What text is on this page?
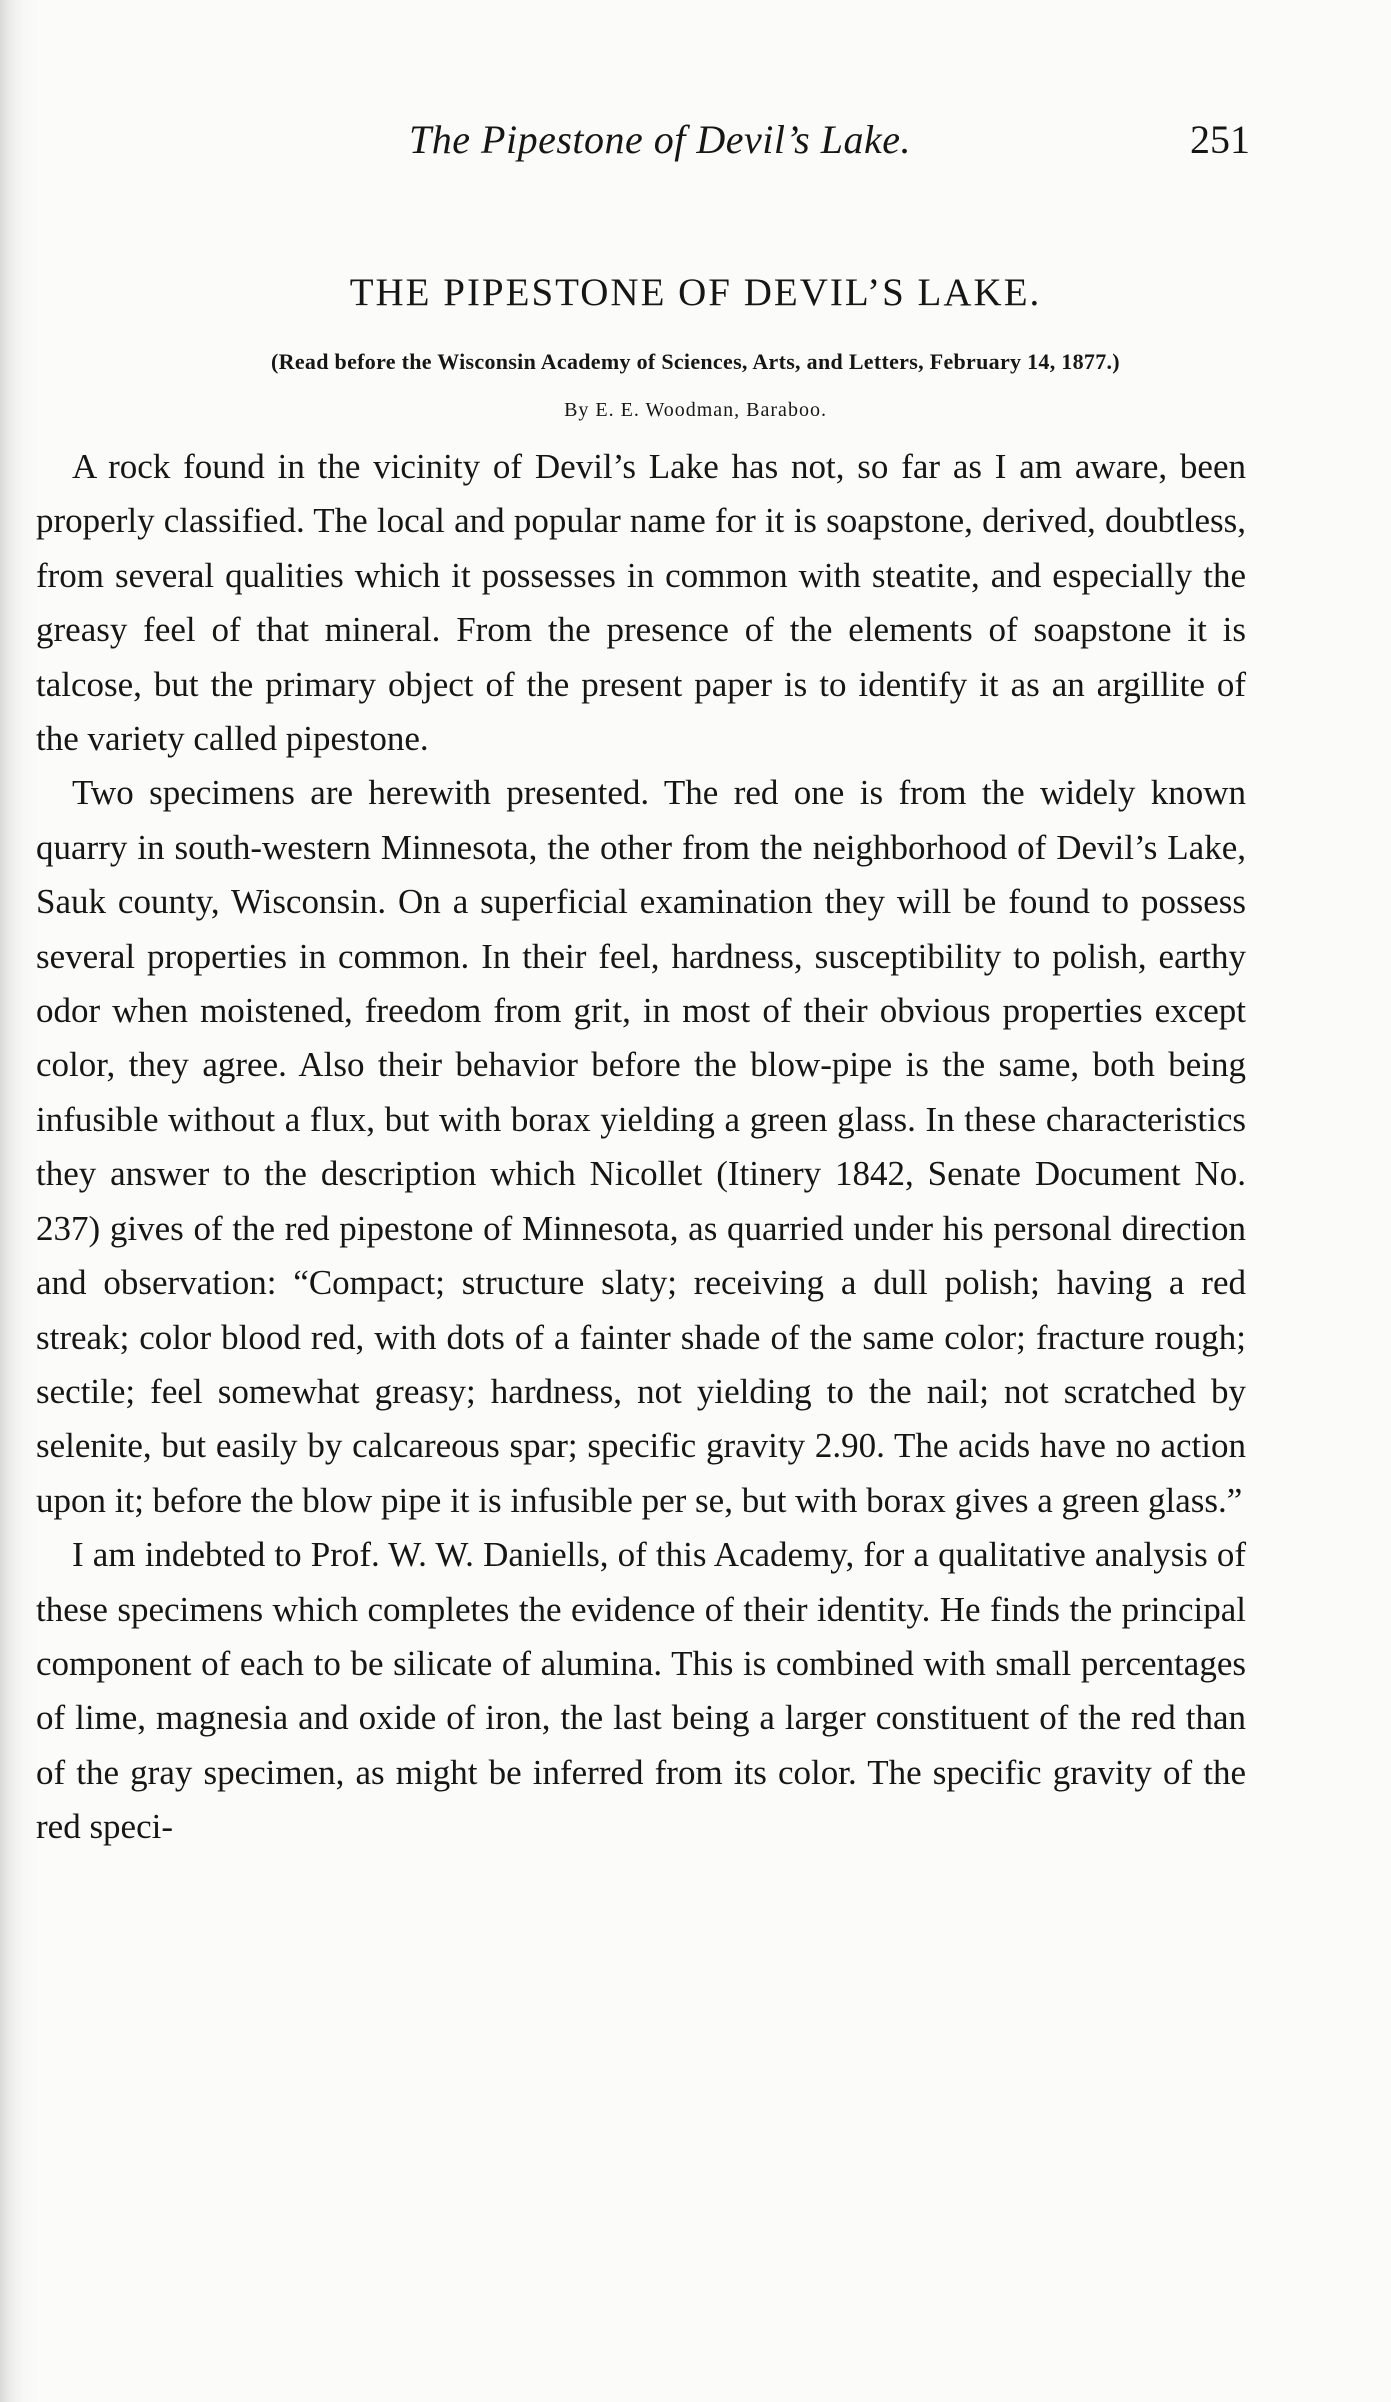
The Pipestone of Devil’s Lake.	251
THE PIPESTONE OF DEVIL’S LAKE.
(Read before the Wisconsin Academy of Sciences, Arts, and Letters, February 14, 1877.)
By E. E. Woodman, Baraboo.

A rock found in the vicinity of Devil’s Lake has not, so far as I am aware, been properly classified. The local and popular name for it is soapstone, derived, doubtless, from several qualities which it possesses in common with steatite, and especially the greasy feel of that mineral. From the presence of the elements of soapstone it is talcose, but the primary object of the present paper is to identify it as an argillite of the variety called pipestone.

Two specimens are herewith presented. The red one is from the widely known quarry in south-western Minnesota, the other from the neighborhood of Devil’s Lake, Sauk county, Wisconsin. On a superficial examination they will be found to possess several properties in common. In their feel, hardness, susceptibility to polish, earthy odor when moistened, freedom from grit, in most of their obvious properties except color, they agree. Also their behavior before the blow-pipe is the same, both being infusible without a flux, but with borax yielding a green glass. In these characteristics they answer to the description which Nicollet (Itinery 1842, Senate Document No. 237) gives of the red pipestone of Minnesota, as quarried under his personal direction and observation: “Compact; structure slaty; receiving a dull polish; having a red streak; color blood red, with dots of a fainter shade of the same color; fracture rough; sectile; feel somewhat greasy; hardness, not yielding to the nail; not scratched by selenite, but easily by calcareous spar; specific gravity 2.90. The acids have no action upon it; before the blow pipe it is infusible per se, but with borax gives a green glass.”

I am indebted to Prof. W. W. Daniells, of this Academy, for a qualitative analysis of these specimens which completes the evidence of their identity. He finds the principal component of each to be silicate of alumina. This is combined with small percentages of lime, magnesia and oxide of iron, the last being a larger constituent of the red than of the gray specimen, as might be inferred from its color. The specific gravity of the red speci-
